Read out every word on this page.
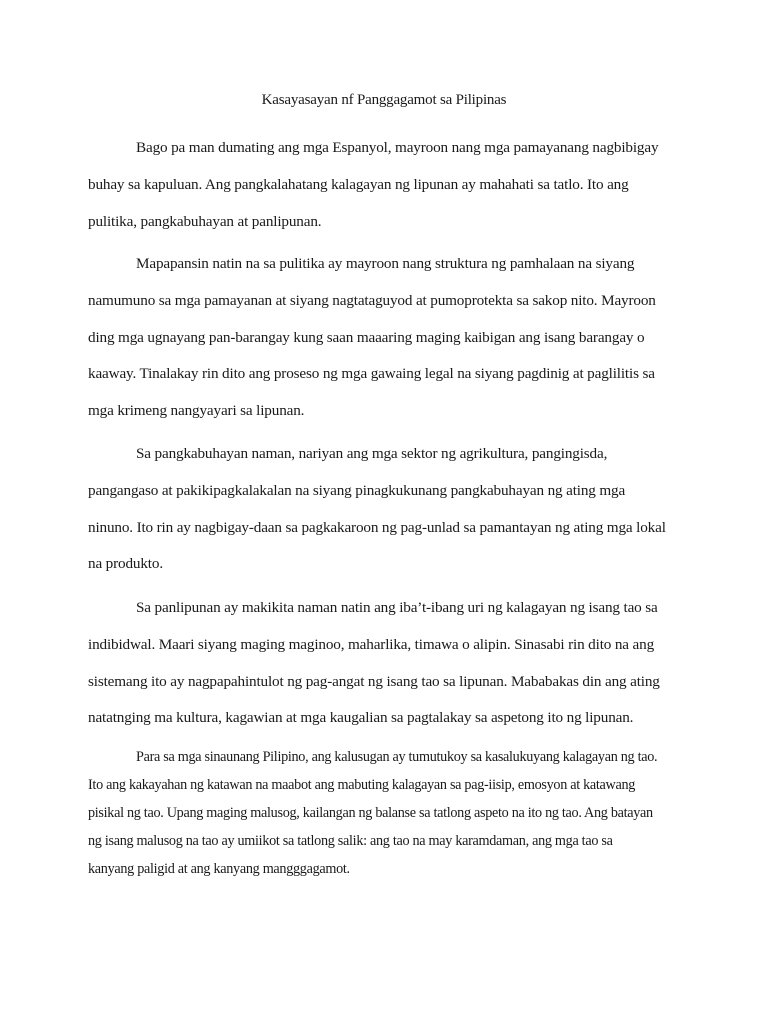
Kasayasayan nf Panggagamot sa Pilipinas
Bago pa man dumating ang mga Espanyol, mayroon nang mga pamayanang nagbibigay
buhay sa kapuluan. Ang pangkalahatang kalagayan ng lipunan ay mahahati sa tatlo. Ito ang
pulitika, pangkabuhayan at panlipunan.
Mapapansin natin na sa pulitika ay mayroon nang struktura ng pamhalaan na siyang
namumuno sa mga pamayanan at siyang nagtataguyod at pumoprotekta sa sakop nito. Mayroon
ding mga ugnayang pan-barangay kung saan maaaring maging kaibigan ang isang barangay o
kaaway. Tinalakay rin dito ang proseso ng mga gawaing legal na siyang pagdinig at paglilitis sa
mga krimeng nangyayari sa lipunan.
Sa pangkabuhayan naman, nariyan ang mga sektor ng agrikultura, pangingisda,
pangangaso at pakikipagkalakalan na siyang pinagkukunang pangkabuhayan ng ating mga
ninuno. Ito rin ay nagbigay-daan sa pagkakaroon ng pag-unlad sa pamantayan ng ating mga lokal
na produkto.
Sa panlipunan ay makikita naman natin ang iba’t-ibang uri ng kalagayan ng isang tao sa
indibidwal. Maari siyang maging maginoo, maharlika, timawa o alipin. Sinasabi rin dito na ang
sistemang ito ay nagpapahintulot ng pag-angat ng isang tao sa lipunan. Mababakas din ang ating
natatnging ma kultura, kagawian at mga kaugalian sa pagtalakay sa aspetong ito ng lipunan.
Para sa mga sinaunang Pilipino, ang kalusugan ay tumutukoy sa kasalukuyang kalagayan ng tao.
Ito ang kakayahan ng katawan na maabot ang mabuting kalagayan sa pag-iisip, emosyon at katawang
pisikal ng tao. Upang maging malusog, kailangan ng balanse sa tatlong aspeto na ito ng tao. Ang batayan
ng isang malusog na tao ay umiikot sa tatlong salik: ang tao na may karamdaman, ang mga tao sa
kanyang paligid at ang kanyang mangggagamot.
